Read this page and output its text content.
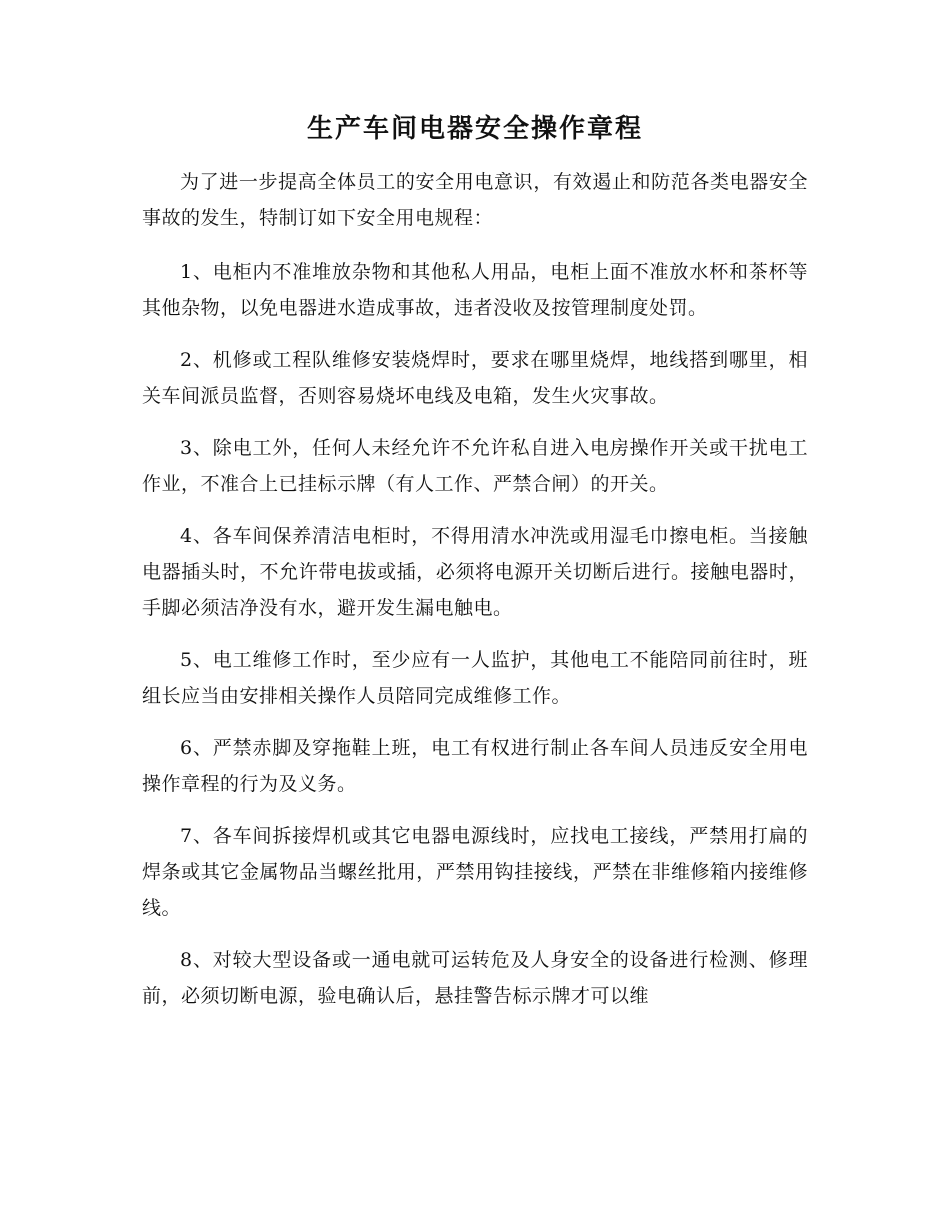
生产车间电器安全操作章程

为了进一步提高全体员工的安全用电意识，有效遏止和防范各类电器安全事故的发生，特制订如下安全用电规程：

1、电柜内不准堆放杂物和其他私人用品，电柜上面不准放水杯和茶杯等其他杂物，以免电器进水造成事故，违者没收及按管理制度处罚。

2、机修或工程队维修安装烧焊时，要求在哪里烧焊，地线搭到哪里，相关车间派员监督，否则容易烧坏电线及电箱，发生火灾事故。

3、除电工外，任何人未经允许不允许私自进入电房操作开关或干扰电工作业，不准合上已挂标示牌（有人工作、严禁合闸）的开关。

4、各车间保养清洁电柜时，不得用清水冲洗或用湿毛巾擦电柜。当接触电器插头时，不允许带电拔或插，必须将电源开关切断后进行。接触电器时，手脚必须洁净没有水，避开发生漏电触电。

5、电工维修工作时，至少应有一人监护，其他电工不能陪同前往时，班组长应当由安排相关操作人员陪同完成维修工作。

6、严禁赤脚及穿拖鞋上班，电工有权进行制止各车间人员违反安全用电操作章程的行为及义务。

7、各车间拆接焊机或其它电器电源线时，应找电工接线，严禁用打扁的焊条或其它金属物品当螺丝批用，严禁用钩挂接线，严禁在非维修箱内接维修线。

8、对较大型设备或一通电就可运转危及人身安全的设备进行检测、修理前，必须切断电源，验电确认后，悬挂警告标示牌才可以维
